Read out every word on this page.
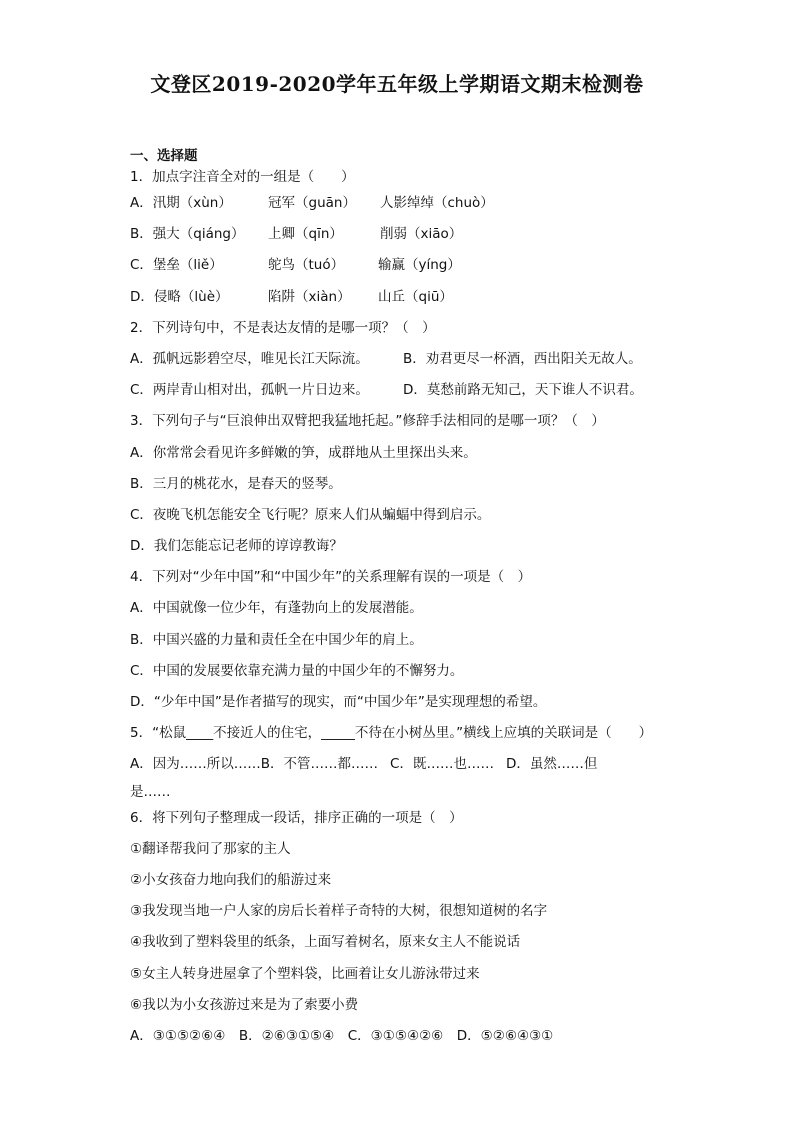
文登区2019-2020学年五年级上学期语文期末检测卷
一、选择题
1．加点字注音全对的一组是（　　）
A．汛期（xùn）	冠军（guān） 人影绰绰（chuò）
B．强大（qiáng） 上卿（qīn）	削弱（xiāo）
C．堡垒（liě）	鸵鸟（tuó）	输赢（yíng）
D．侵略（lùè）	陷阱（xiàn） 山丘（qiū）
2．下列诗句中，不是表达友情的是哪一项？（　）
A．孤帆远影碧空尽，唯见长江天际流。	B．劝君更尽一杯酒，西出阳关无故人。
C．两岸青山相对出，孤帆一片日边来。	D．莫愁前路无知己，天下谁人不识君。
3．下列句子与“巨浪伸出双臂把我猛地托起。”修辞手法相同的是哪一项？（　）
A．你常常会看见许多鲜嫩的笋，成群地从土里探出头来。
B．三月的桃花水，是春天的竖琴。
C．夜晚飞机怎能安全飞行呢？原来人们从蝙蝠中得到启示。
D．我们怎能忘记老师的谆谆教诲？
4．下列对“少年中国”和“中国少年”的关系理解有误的一项是（　）
A．中国就像一位少年，有蓬勃向上的发展潜能。
B．中国兴盛的力量和责任全在中国少年的肩上。
C．中国的发展要依靠充满力量的中国少年的不懈努力。
D．“少年中国”是作者描写的现实，而“中国少年”是实现理想的希望。
5．“松鼠____不接近人的住宅，_____不待在小树丛里。”横线上应填的关联词是（　　）
A．因为……所以……B．不管……都…… C．既……也…… D．虽然……但
是……
6．将下列句子整理成一段话，排序正确的一项是（　）
①翻译帮我问了那家的主人
②小女孩奋力地向我们的船游过来
③我发现当地一户人家的房后长着样子奇特的大树，很想知道树的名字
④我收到了塑料袋里的纸条，上面写着树名，原来女主人不能说话
⑤女主人转身进屋拿了个塑料袋，比画着让女儿游泳带过来
⑥我以为小女孩游过来是为了索要小费
A．③①⑤②⑥④　B．②⑥③①⑤④　C．③①⑤④②⑥　D．⑤②⑥④③①
